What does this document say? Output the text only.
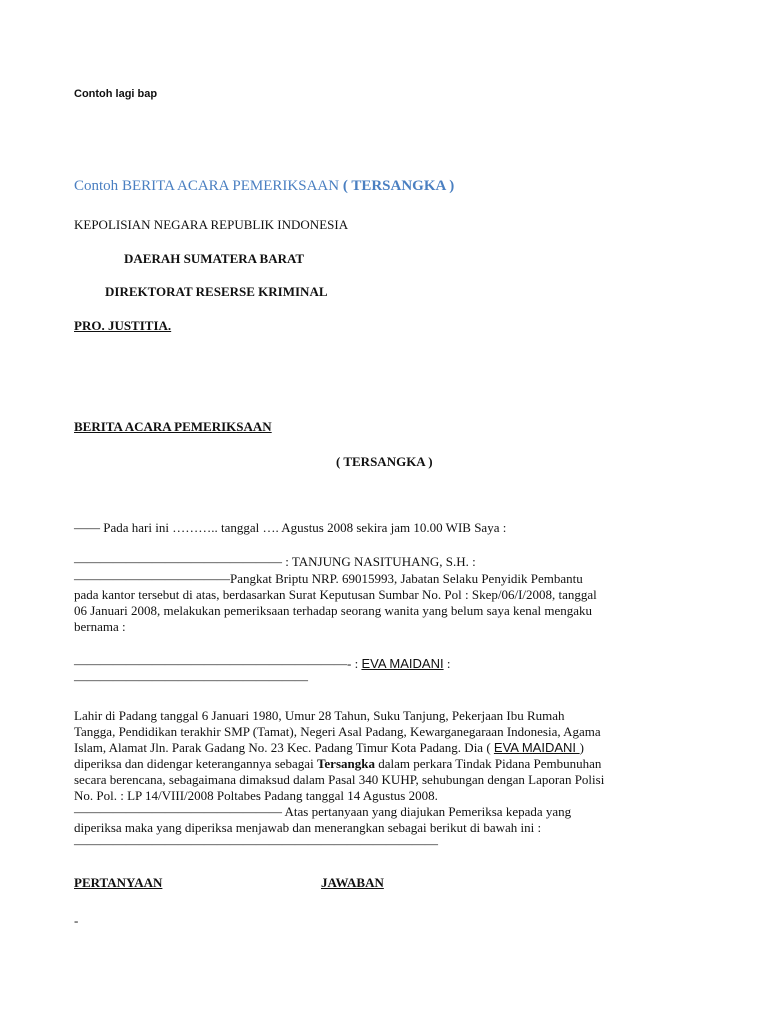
Contoh lagi bap
Contoh BERITA ACARA PEMERIKSAAN ( TERSANGKA )
KEPOLISIAN NEGARA REPUBLIK INDONESIA
DAERAH SUMATERA BARAT
DIREKTORAT RESERSE KRIMINAL
PRO. JUSTITIA.
BERITA ACARA PEMERIKSAAN
( TERSANGKA )
—— Pada hari ini ……….. tanggal …. Agustus 2008 sekira jam 10.00 WIB Saya :
———————————————— : TANJUNG NASITUHANG, S.H. :
————————————Pangkat Briptu NRP. 69015993, Jabatan Selaku Penyidik Pembantu
pada kantor tersebut di atas, berdasarkan Surat Keputusan Sumbar No. Pol : Skep/06/I/2008, tanggal
06 Januari 2008, melakukan pemeriksaan terhadap seorang wanita yang belum saya kenal mengaku
bernama :
—————————————————————- : EVA MAIDANI :
——————————————————
Lahir di Padang tanggal 6 Januari 1980, Umur 28 Tahun, Suku Tanjung, Pekerjaan Ibu Rumah
Tangga, Pendidikan terakhir SMP (Tamat), Negeri Asal Padang, Kewarganegaraan Indonesia, Agama
Islam, Alamat Jln. Parak Gadang No. 23 Kec. Padang Timur Kota Padang. Dia ( EVA MAIDANI )
diperiksa dan didengar keterangannya sebagai Tersangka dalam perkara Tindak Pidana Pembunuhan
secara berencana, sebagaimana dimaksud dalam Pasal 340 KUHP, sehubungan dengan Laporan Polisi
No. Pol. : LP 14/VIII/2008 Poltabes Padang tanggal 14 Agustus 2008.
———————————————— Atas pertanyaan yang diajukan Pemeriksa kepada yang
diperiksa maka yang diperiksa menjawab dan menerangkan sebagai berikut di bawah ini :
————————————————————————————
PERTANYAAN	JAWABAN
-
